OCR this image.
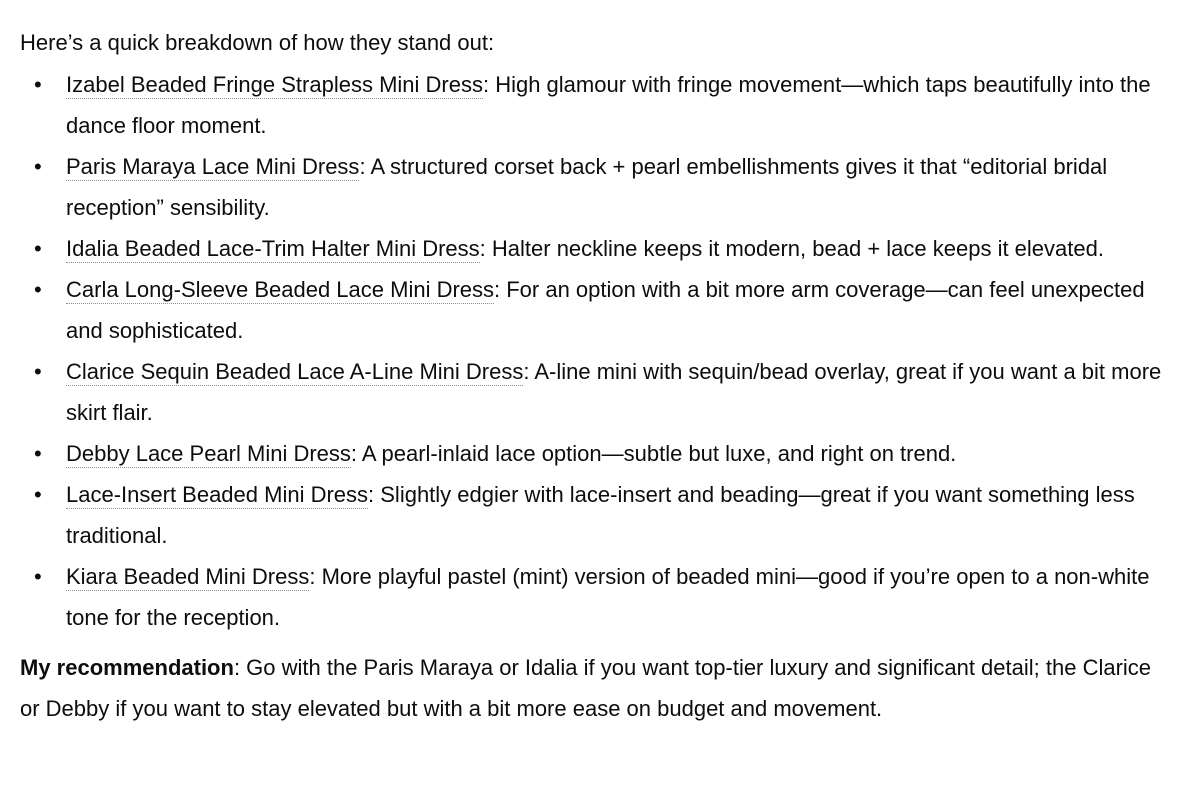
Here’s a quick breakdown of how they stand out:

• Izabel Beaded Fringe Strapless Mini Dress: High glamour with fringe movement—which taps beautifully into the dance floor moment.
• Paris Maraya Lace Mini Dress: A structured corset back + pearl embellishments gives it that “editorial bridal reception” sensibility.
• Idalia Beaded Lace-Trim Halter Mini Dress: Halter neckline keeps it modern, bead + lace keeps it elevated.
• Carla Long-Sleeve Beaded Lace Mini Dress: For an option with a bit more arm coverage—can feel unexpected and sophisticated.
• Clarice Sequin Beaded Lace A-Line Mini Dress: A-line mini with sequin/bead overlay, great if you want a bit more skirt flair.
• Debby Lace Pearl Mini Dress: A pearl-inlaid lace option—subtle but luxe, and right on trend.
• Lace-Insert Beaded Mini Dress: Slightly edgier with lace-insert and beading—great if you want something less traditional.
• Kiara Beaded Mini Dress: More playful pastel (mint) version of beaded mini—good if you’re open to a non-white tone for the reception.

My recommendation: Go with the Paris Maraya or Idalia if you want top-tier luxury and significant detail; the Clarice or Debby if you want to stay elevated but with a bit more ease on budget and movement.
